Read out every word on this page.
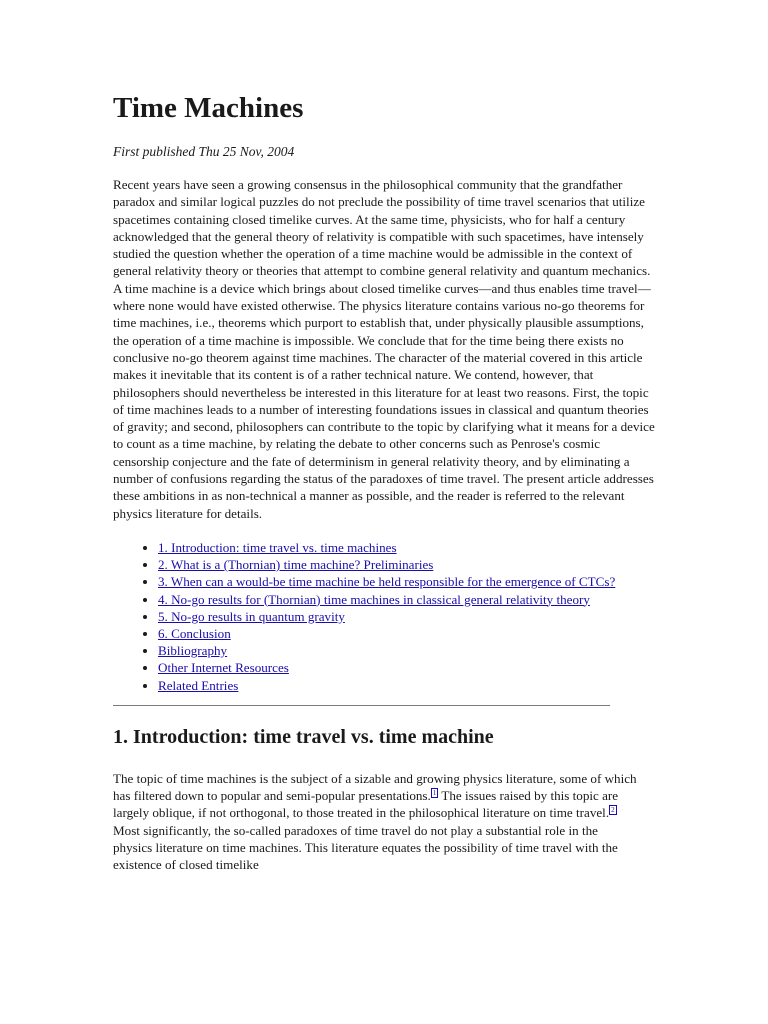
Time Machines
First published Thu 25 Nov, 2004
Recent years have seen a growing consensus in the philosophical community that the grandfather paradox and similar logical puzzles do not preclude the possibility of time travel scenarios that utilize spacetimes containing closed timelike curves. At the same time, physicists, who for half a century acknowledged that the general theory of relativity is compatible with such spacetimes, have intensely studied the question whether the operation of a time machine would be admissible in the context of general relativity theory or theories that attempt to combine general relativity and quantum mechanics. A time machine is a device which brings about closed timelike curves—and thus enables time travel—where none would have existed otherwise. The physics literature contains various no-go theorems for time machines, i.e., theorems which purport to establish that, under physically plausible assumptions, the operation of a time machine is impossible. We conclude that for the time being there exists no conclusive no-go theorem against time machines. The character of the material covered in this article makes it inevitable that its content is of a rather technical nature. We contend, however, that philosophers should nevertheless be interested in this literature for at least two reasons. First, the topic of time machines leads to a number of interesting foundations issues in classical and quantum theories of gravity; and second, philosophers can contribute to the topic by clarifying what it means for a device to count as a time machine, by relating the debate to other concerns such as Penrose's cosmic censorship conjecture and the fate of determinism in general relativity theory, and by eliminating a number of confusions regarding the status of the paradoxes of time travel. The present article addresses these ambitions in as non-technical a manner as possible, and the reader is referred to the relevant physics literature for details.
• 1. Introduction: time travel vs. time machines
• 2. What is a (Thornian) time machine? Preliminaries
• 3. When can a would-be time machine be held responsible for the emergence of CTCs?
• 4. No-go results for (Thornian) time machines in classical general relativity theory
• 5. No-go results in quantum gravity
• 6. Conclusion
• Bibliography
• Other Internet Resources
• Related Entries
1. Introduction: time travel vs. time machine
The topic of time machines is the subject of a sizable and growing physics literature, some of which has filtered down to popular and semi-popular presentations. $^1$ The issues raised by this topic are largely oblique, if not orthogonal, to those treated in the philosophical literature on time travel. $^2$ Most significantly, the so-called paradoxes of time travel do not play a substantial role in the physics literature on time machines. This literature equates the possibility of time travel with the existence of closed timelike
